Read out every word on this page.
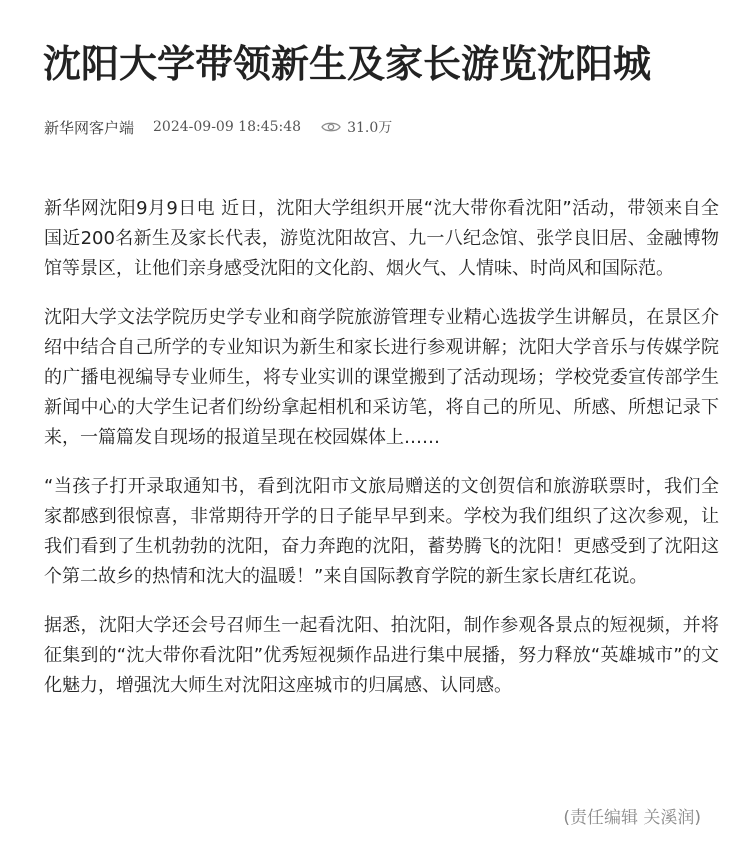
沈阳大学带领新生及家长游览沈阳城
新华网客户端 2024-09-09 18:45:48	31.0万

新华网沈阳9月9日电 近日，沈阳大学组织开展“沈大带你看沈阳”活动，带领来自全国近200名新生及家长代表，游览沈阳故宫、九一八纪念馆、张学良旧居、金融博物馆等景区，让他们亲身感受沈阳的文化韵、烟火气、人情味、时尚风和国际范。

沈阳大学文法学院历史学专业和商学院旅游管理专业精心选拔学生讲解员，在景区介绍中结合自己所学的专业知识为新生和家长进行参观讲解；沈阳大学音乐与传媒学院的广播电视编导专业师生，将专业实训的课堂搬到了活动现场；学校党委宣传部学生新闻中心的大学生记者们纷纷拿起相机和采访笔，将自己的所见、所感、所想记录下来，一篇篇发自现场的报道呈现在校园媒体上……

“当孩子打开录取通知书，看到沈阳市文旅局赠送的文创贺信和旅游联票时，我们全家都感到很惊喜，非常期待开学的日子能早早到来。学校为我们组织了这次参观，让我们看到了生机勃勃的沈阳，奋力奔跑的沈阳，蓄势腾飞的沈阳！更感受到了沈阳这个第二故乡的热情和沈大的温暖！”来自国际教育学院的新生家长唐红花说。

据悉，沈阳大学还会号召师生一起看沈阳、拍沈阳，制作参观各景点的短视频，并将征集到的“沈大带你看沈阳”优秀短视频作品进行集中展播，努力释放“英雄城市”的文化魅力，增强沈大师生对沈阳这座城市的归属感、认同感。

(责任编辑 关溪润)
